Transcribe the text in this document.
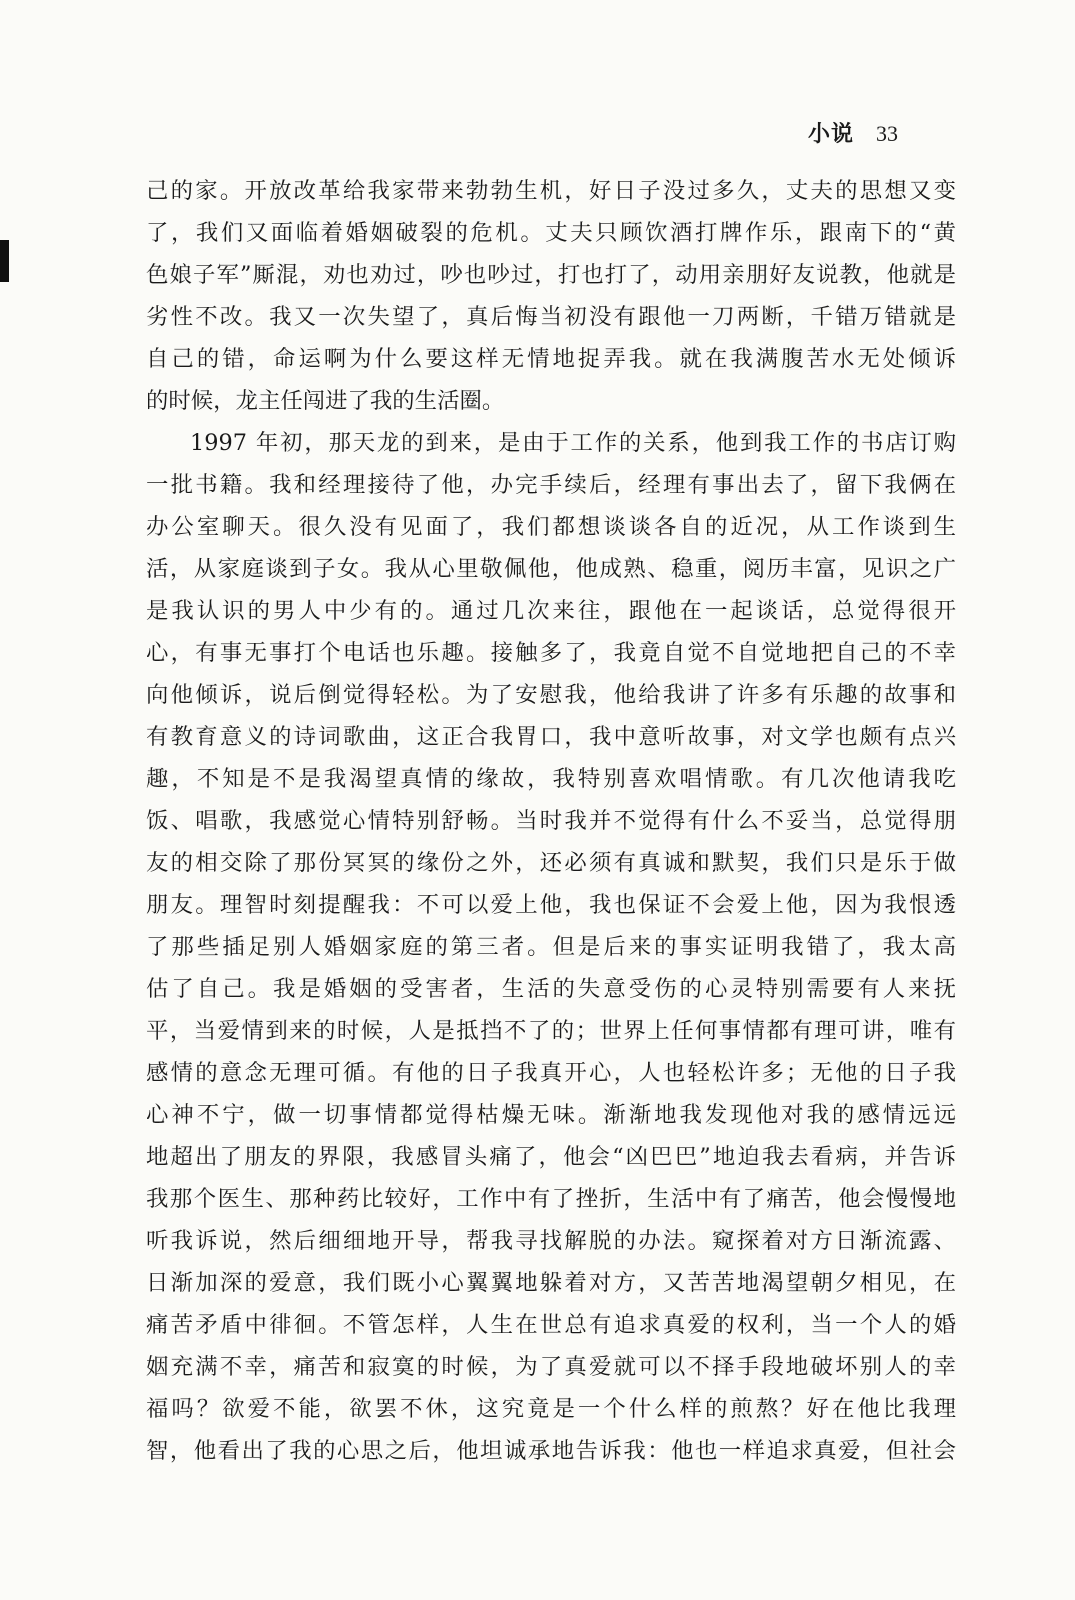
小说 33
己的家。开放改革给我家带来勃勃生机，好日子没过多久，丈夫的思想又变
了，我们又面临着婚姻破裂的危机。丈夫只顾饮酒打牌作乐，跟南下的“黄
色娘子军”厮混，劝也劝过，吵也吵过，打也打了，动用亲朋好友说教，他就是
劣性不改。我又一次失望了，真后悔当初没有跟他一刀两断，千错万错就是
自己的错，命运啊为什么要这样无情地捉弄我。就在我满腹苦水无处倾诉
的时候，龙主任闯进了我的生活圈。
1997 年初，那天龙的到来，是由于工作的关系，他到我工作的书店订购
一批书籍。我和经理接待了他，办完手续后，经理有事出去了，留下我俩在
办公室聊天。很久没有见面了，我们都想谈谈各自的近况，从工作谈到生
活，从家庭谈到子女。我从心里敬佩他，他成熟、稳重，阅历丰富，见识之广
是我认识的男人中少有的。通过几次来往，跟他在一起谈话，总觉得很开
心，有事无事打个电话也乐趣。接触多了，我竟自觉不自觉地把自己的不幸
向他倾诉，说后倒觉得轻松。为了安慰我，他给我讲了许多有乐趣的故事和
有教育意义的诗词歌曲，这正合我胃口，我中意听故事，对文学也颇有点兴
趣，不知是不是我渴望真情的缘故，我特别喜欢唱情歌。有几次他请我吃
饭、唱歌，我感觉心情特别舒畅。当时我并不觉得有什么不妥当，总觉得朋
友的相交除了那份冥冥的缘份之外，还必须有真诚和默契，我们只是乐于做
朋友。理智时刻提醒我：不可以爱上他，我也保证不会爱上他，因为我恨透
了那些插足别人婚姻家庭的第三者。但是后来的事实证明我错了，我太高
估了自己。我是婚姻的受害者，生活的失意受伤的心灵特别需要有人来抚
平，当爱情到来的时候，人是抵挡不了的；世界上任何事情都有理可讲，唯有
感情的意念无理可循。有他的日子我真开心，人也轻松许多；无他的日子我
心神不宁，做一切事情都觉得枯燥无味。渐渐地我发现他对我的感情远远
地超出了朋友的界限，我感冒头痛了，他会“凶巴巴”地迫我去看病，并告诉
我那个医生、那种药比较好，工作中有了挫折，生活中有了痛苦，他会慢慢地
听我诉说，然后细细地开导，帮我寻找解脱的办法。窥探着对方日渐流露、
日渐加深的爱意，我们既小心翼翼地躲着对方，又苦苦地渴望朝夕相见，在
痛苦矛盾中徘徊。不管怎样，人生在世总有追求真爱的权利，当一个人的婚
姻充满不幸，痛苦和寂寞的时候，为了真爱就可以不择手段地破坏别人的幸
福吗？欲爱不能，欲罢不休，这究竟是一个什么样的煎熬？好在他比我理
智，他看出了我的心思之后，他坦诚承地告诉我：他也一样追求真爱，但社会
